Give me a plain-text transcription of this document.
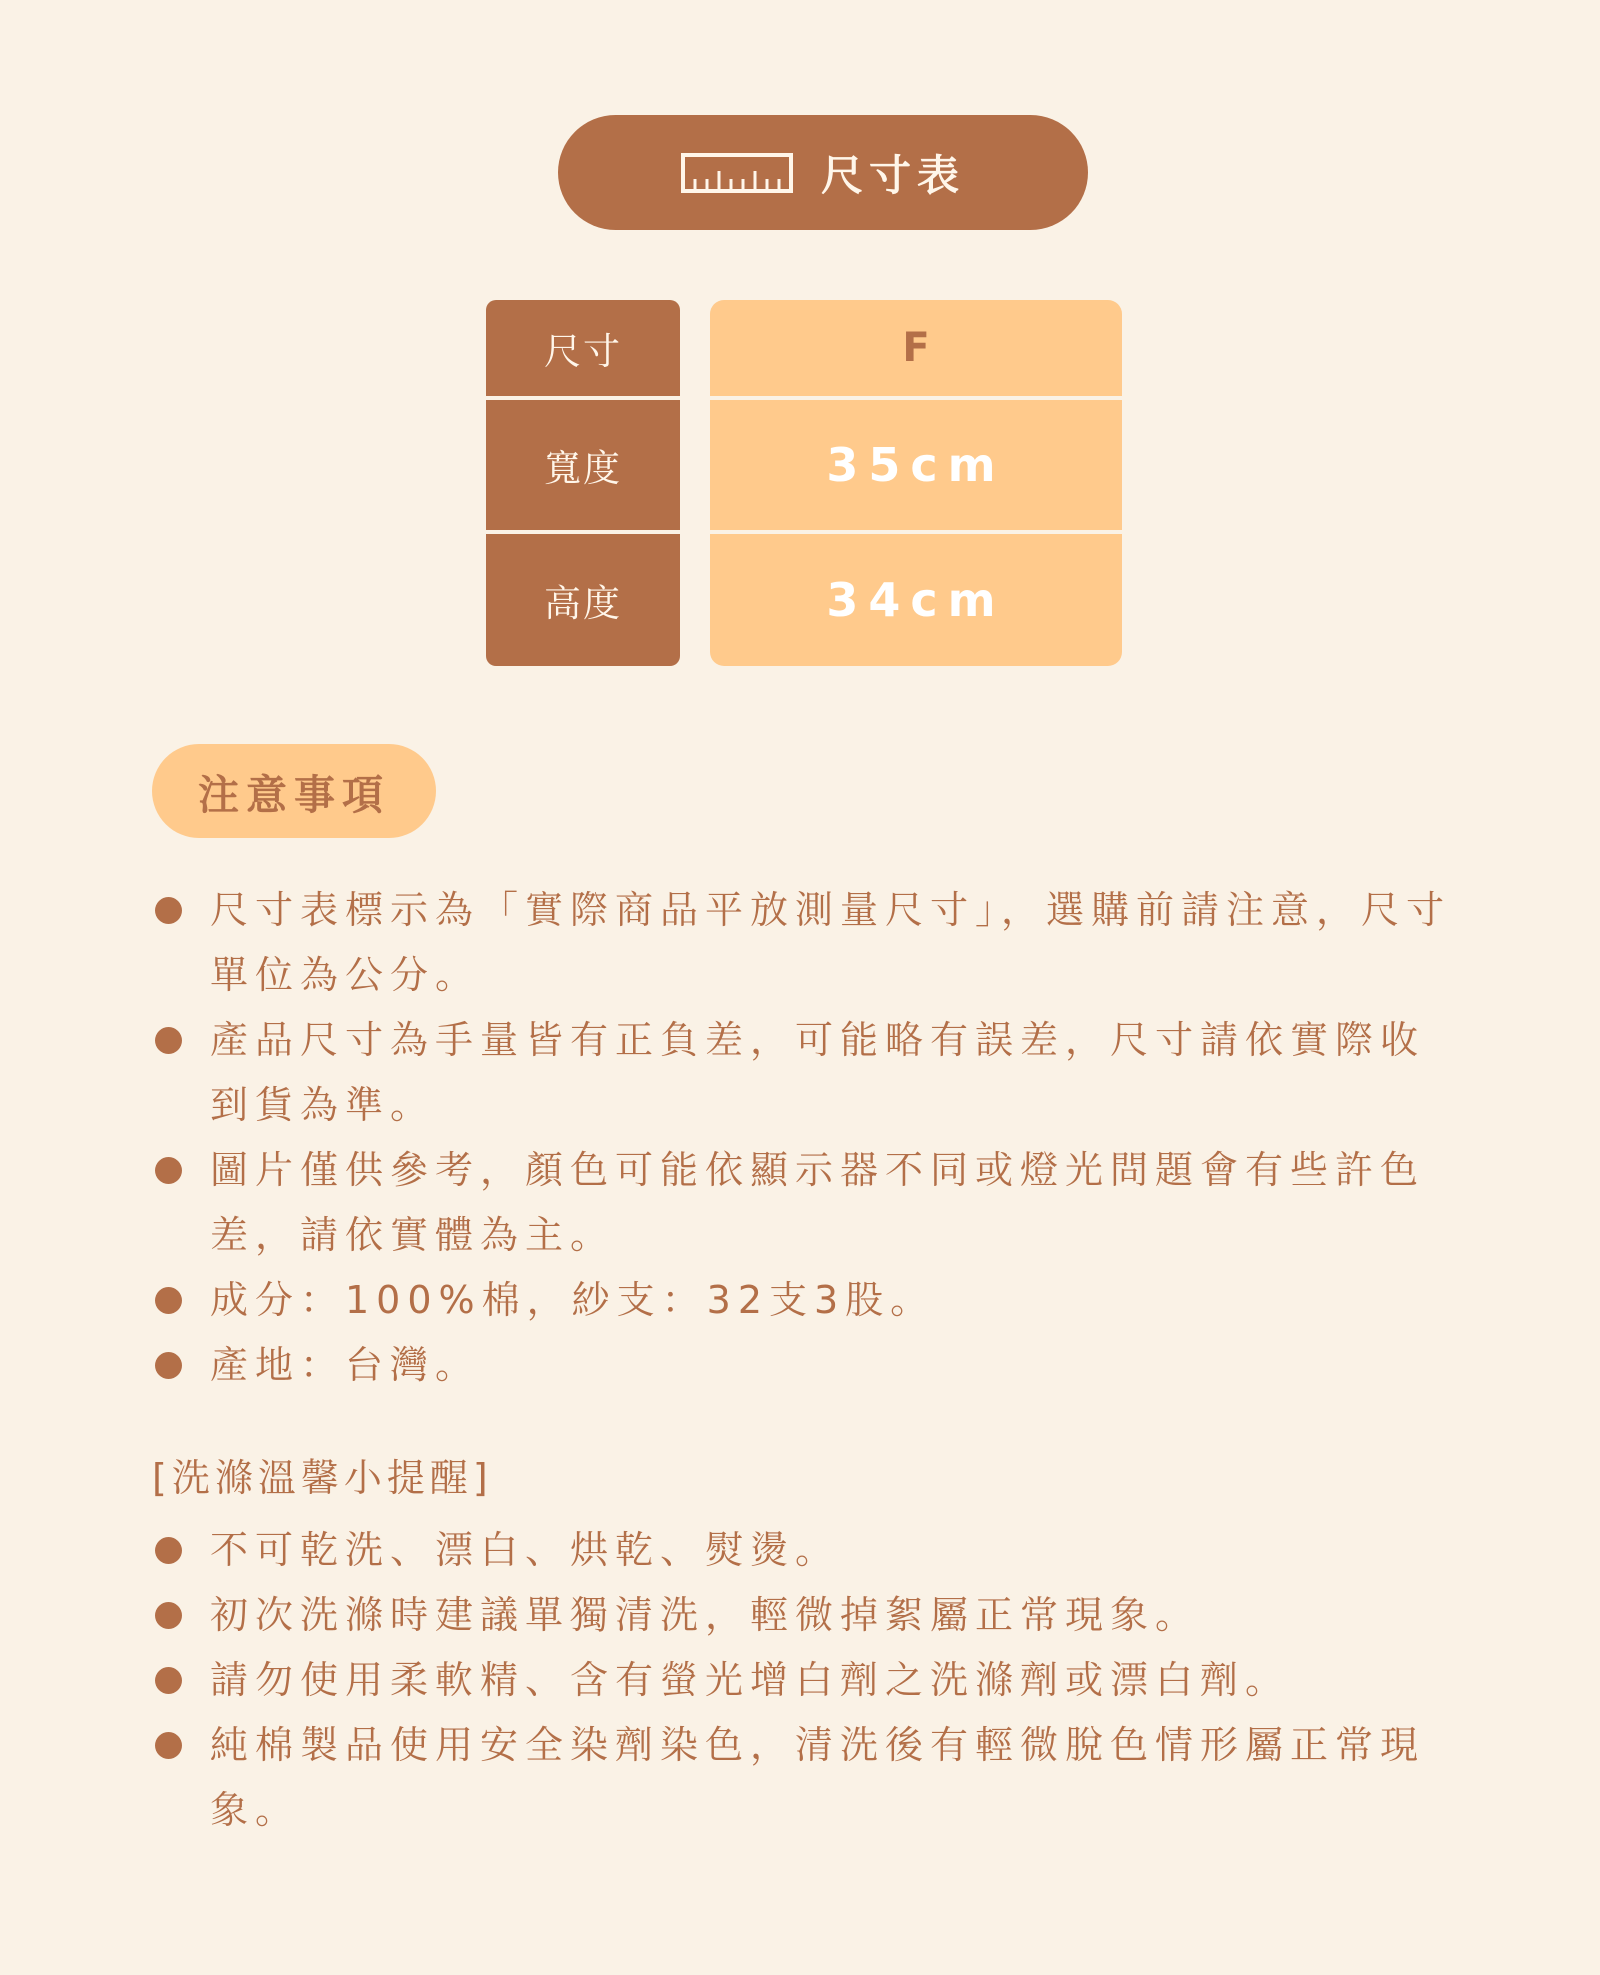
尺寸表
尺寸
寬度
高度
F
35cm
34cm
注意事項
尺寸表標示為「實際商品平放測量尺寸」，選購前請注意，尺寸單位為公分。
產品尺寸為手量皆有正負差，可能略有誤差，尺寸請依實際收到貨為準。
圖片僅供參考，顏色可能依顯示器不同或燈光問題會有些許色差，請依實體為主。
成分：100%棉，紗支：32支3股。
產地：台灣。
[洗滌溫馨小提醒]
不可乾洗、漂白、烘乾、熨燙。
初次洗滌時建議單獨清洗，輕微掉絮屬正常現象。
請勿使用柔軟精、含有螢光增白劑之洗滌劑或漂白劑。
純棉製品使用安全染劑染色，清洗後有輕微脫色情形屬正常現象。
